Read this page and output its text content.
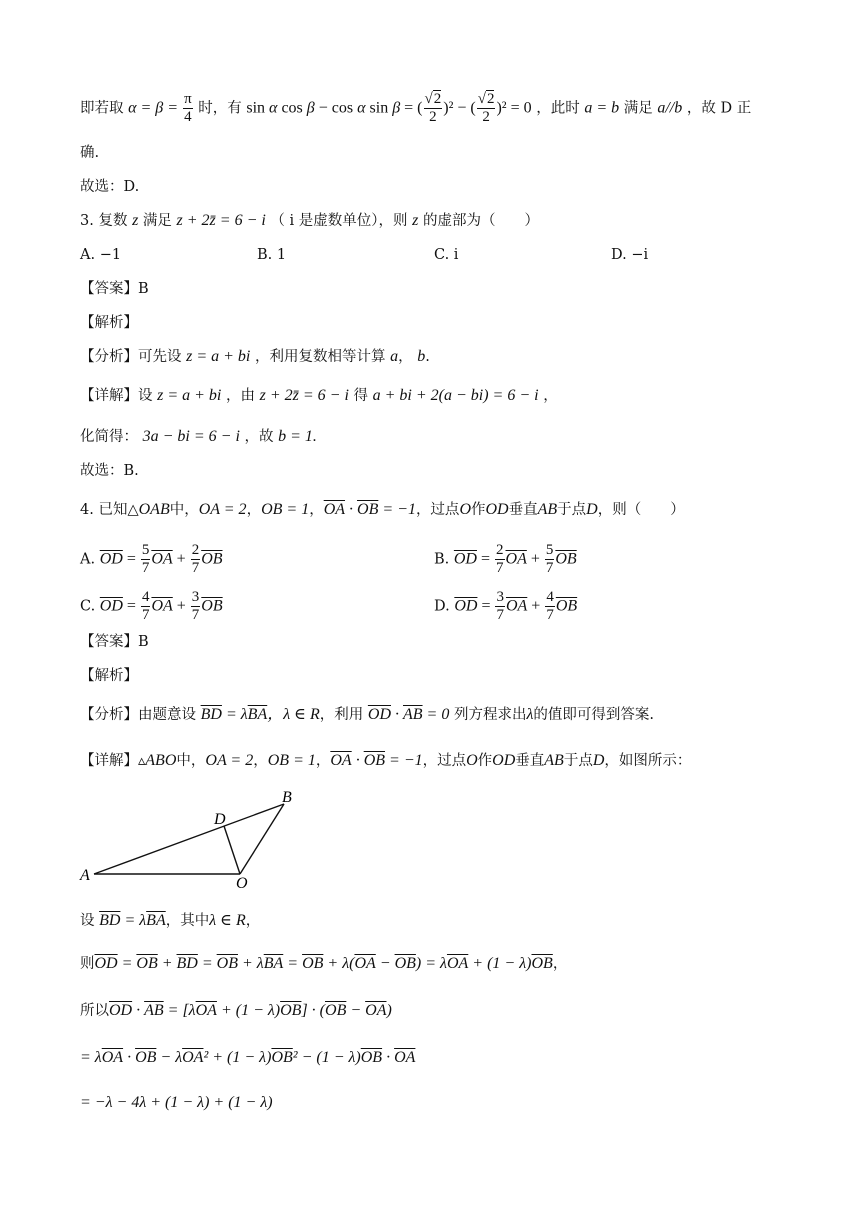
即若取 $\alpha = \beta = \frac{\pi}{4}$ 时，有 sin α cos β − cos α sin β = ( $\frac{√2}{2} )^2$ − ( $\frac{√2}{2} )^2 = 0$ ，此时 a = b 满足 a//b ，故 D 正
确.
故选：D.
3. 复数 z 满足 z + 2z̄ = 6 − i （ i 是虚数单位），则 z 的虚部为（　　）
A. −1	B. 1	C. i	D. −i
【答案】B
【解析】
【分析】可先设 z = a + bi ，利用复数相等计算 a， b.
【详解】设 z = a + bi ，由 z + 2z̄ = 6 − i 得 a + bi + 2(a − bi) = 6 − i ，
化简得： 3a − bi = 6 − i ，故 b = 1.
故选：B.
4. 已知△OAB中，OA = 2，OB = 1，$\overline{OA} \cdot \overline{OB} = -1$，过点O作OD垂直AB于点D，则（　　）
A. $\overline{OD} = \frac{5}{7} \overline{OA} + \frac{2}{7} \overline{OB}$	B. $\overline{OD} = \frac{2}{7} \overline{OA} + \frac{5}{7} \overline{OB}$
C. $\overline{OD} = \frac{4}{7} \overline{OA} + \frac{3}{7} \overline{OB}$	D. $\overline{OD} = \frac{3}{7} \overline{OA} + \frac{4}{7} \overline{OB}$
【答案】B
【解析】
【分析】由题意设 $\overline{BD} = \lambda\overline{BA}$，λ ∈ R，利用 $\overline{OD} \cdot \overline{AB} = 0$ 列方程求出λ的值即可得到答案.
【详解】▵ABO中，OA = 2，OB = 1，$\overline{OA} \cdot \overline{OB} = -1$，过点O作OD垂直AB于点D，如图所示：
A
B
D
O
设 $\overline{BD} = \lambda\overline{BA}$，其中λ ∈ R，
则$\overline{OD} = \overline{OB} + \overline{BD} = \overline{OB} + \lambda\overline{BA} = \overline{OB} + \lambda(\overline{OA} - \overline{OB}) = \lambda\overline{OA} + (1 - \lambda)\overline{OB}$，
所以$\overline{OD} \cdot \overline{AB} = [\lambda\overline{OA} + (1 - \lambda)\overline{OB}] \cdot (\overline{OB} - \overline{OA})$
= $\lambda\overline{OA} \cdot \overline{OB} - \lambda\overline{OA}^2 + (1 - \lambda)\overline{OB}^2 - (1 - \lambda)\overline{OB} \cdot \overline{OA}$
= −λ − 4λ + (1 − λ) + (1 − λ)
